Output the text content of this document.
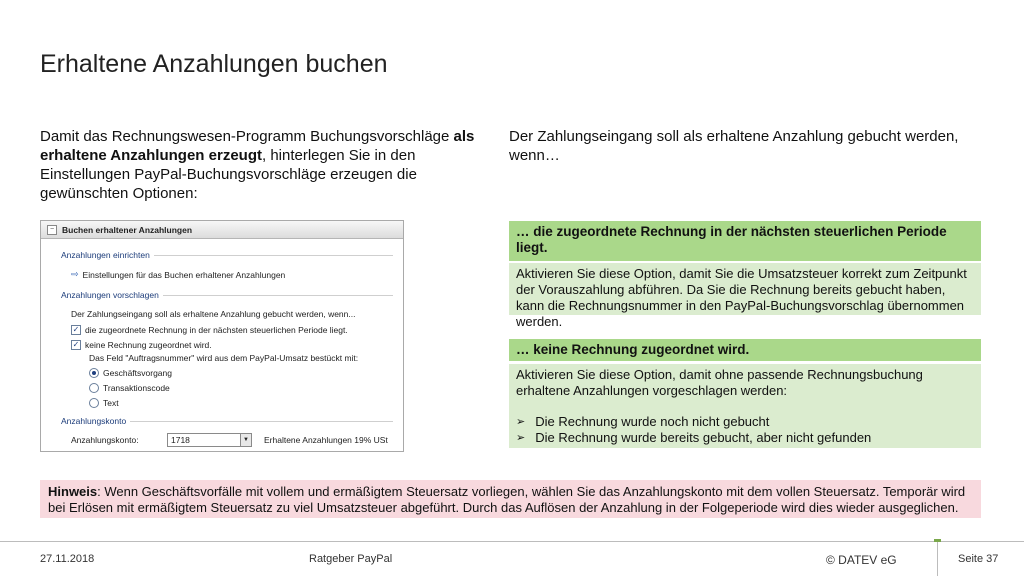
Erhaltene Anzahlungen buchen
Damit das Rechnungswesen-Programm Buchungsvorschläge als erhaltene Anzahlungen erzeugt, hinterlegen Sie in den Einstellungen PayPal-Buchungsvorschläge erzeugen die gewünschten Optionen:
Der Zahlungseingang soll als erhaltene Anzahlung gebucht werden, wenn…
− Buchen erhaltener Anzahlungen
Anzahlungen einrichten
⇨ Einstellungen für das Buchen erhaltener Anzahlungen
Anzahlungen vorschlagen
Der Zahlungseingang soll als erhaltene Anzahlung gebucht werden, wenn...
✓ die zugeordnete Rechnung in der nächsten steuerlichen Periode liegt.
✓ keine Rechnung zugeordnet wird.
Das Feld "Auftragsnummer" wird aus dem PayPal-Umsatz bestückt mit:
Geschäftsvorgang
Transaktionscode
Text
Anzahlungskonto
Anzahlungskonto:	1718	▼ Erhaltene Anzahlungen 19% USt
… die zugeordnete Rechnung in der nächsten steuerlichen Periode liegt.
Aktivieren Sie diese Option, damit Sie die Umsatzsteuer korrekt zum Zeitpunkt der Vorauszahlung abführen. Da Sie die Rechnung bereits gebucht haben, kann die Rechnungsnummer in den PayPal-Buchungsvorschlag übernommen werden.
… keine Rechnung zugeordnet wird.
Aktivieren Sie diese Option, damit ohne passende Rechnungsbuchung erhaltene Anzahlungen vorgeschlagen werden:
➢ Die Rechnung wurde noch nicht gebucht
➢ Die Rechnung wurde bereits gebucht, aber nicht gefunden
Hinweis: Wenn Geschäftsvorfälle mit vollem und ermäßigtem Steuersatz vorliegen, wählen Sie das Anzahlungskonto mit dem vollen Steuersatz. Temporär wird bei Erlösen mit ermäßigtem Steuersatz zu viel Umsatzsteuer abgeführt. Durch das Auflösen der Anzahlung in der Folgeperiode wird dies wieder ausgeglichen.
27.11.2018	Ratgeber PayPal	© DATEV eG	Seite 37
